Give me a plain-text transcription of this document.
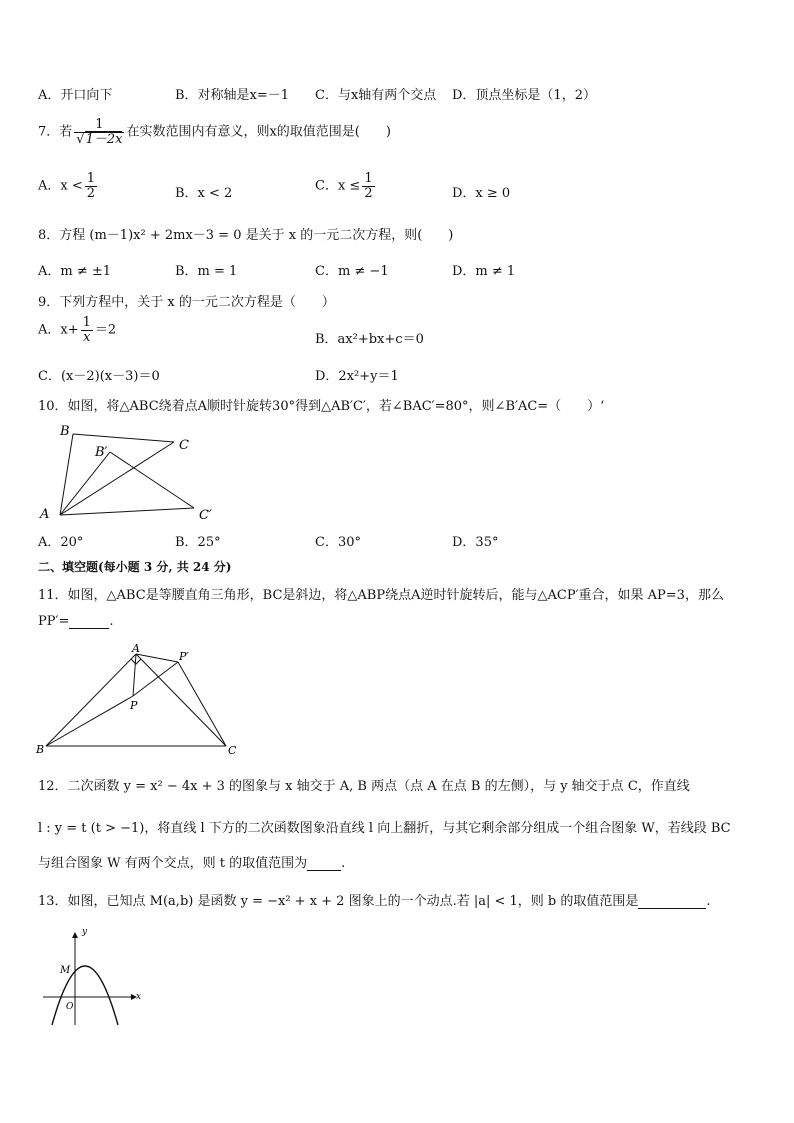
A．开口向下	B．对称轴是x=－1 C．与x轴有两个交点 D．顶点坐标是（1，2）
7．若 $\frac{1}{√1-2x}$ 在实数范围内有意义，则x的取值范围是(　　)
A．$x < \frac{1}{2}$	B．x < 2	C．$x \le \frac{1}{2}$	D．x ≥ 0
8．方程 (m－1)x² + 2mx－3 = 0 是关于 x 的一元二次方程，则(　　)
A．m ≠ ±1	B．m = 1	C．m ≠ −1	D．m ≠ 1
9．下列方程中，关于 x 的一元二次方程是（　　）
A．$x+ \frac{1}{x} =2$
B．ax²+bx+c＝0
C．(x－2)(x－3)＝0	D．2x²+y＝1
10．如图，将△ABC绕着点A顺时针旋转30°得到△AB′C′，若∠BAC′=80°，则∠B′AC=（　　）‘
B
B′	C
A	C′
A．20°	B．25°	C．30°	D．35°
二、填空题(每小题 3 分, 共 24 分)
11．如图，△ABC是等腰直角三角形，BC是斜边，将△ABP绕点A逆时针旋转后，能与△ACP′重合，如果 AP=3，那么
PP′=	.
A
P′
P
B	C
12．二次函数 y = x² − 4x + 3 的图象与 x 轴交于 A, B 两点（点 A 在点 B 的左侧），与 y 轴交于点 C，作直线
l : y = t (t > −1)，将直线 l 下方的二次函数图象沿直线 l 向上翻折，与其它剩余部分组成一个组合图象 W，若线段 BC
与组合图象 W 有两个交点，则 t 的取值范围为	.
13．如图，已知点 M(a,b) 是函数 y = −x² + x + 2 图象上的一个动点.若 |a| < 1，则 b 的取值范围是	.
y
x
M
O
